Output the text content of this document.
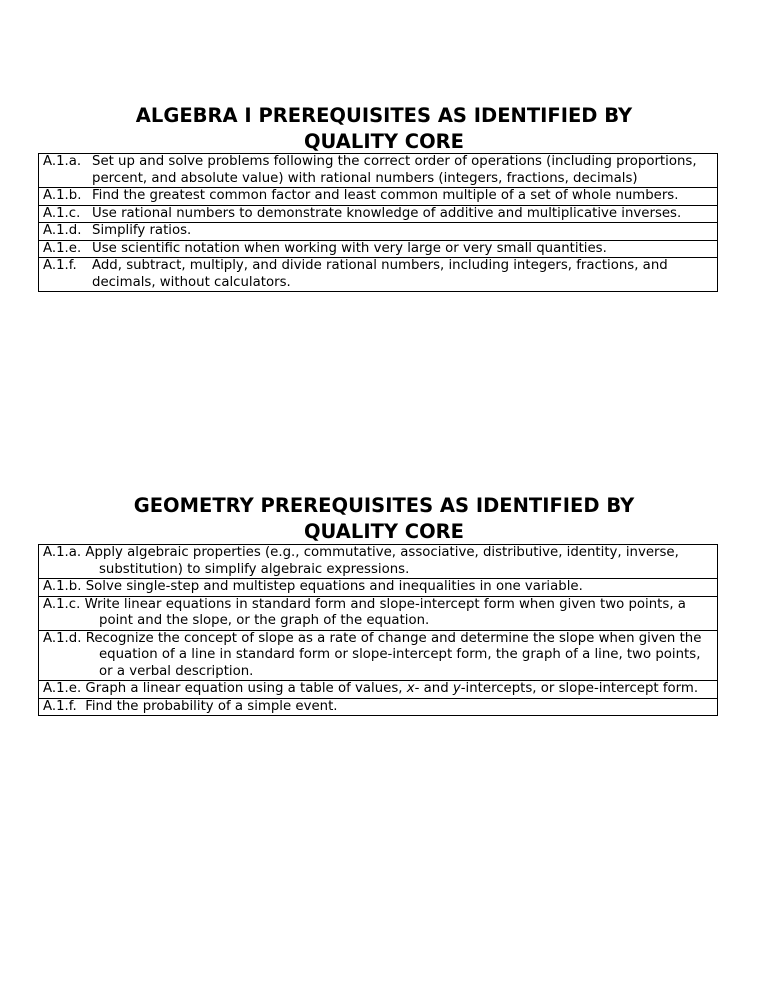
ALGEBRA I PREREQUISITES AS IDENTIFIED BY
QUALITY CORE
A.1.a. Set up and solve problems following the correct order of operations (including proportions, percent, and absolute value) with rational numbers (integers, fractions, decimals)
A.1.b. Find the greatest common factor and least common multiple of a set of whole numbers.
A.1.c. Use rational numbers to demonstrate knowledge of additive and multiplicative inverses.
A.1.d. Simplify ratios.
A.1.e. Use scientific notation when working with very large or very small quantities.
A.1.f.	Add, subtract, multiply, and divide rational numbers, including integers, fractions, and decimals, without calculators.
GEOMETRY PREREQUISITES AS IDENTIFIED BY
QUALITY CORE
A.1.a. Apply algebraic properties (e.g., commutative, associative, distributive, identity, inverse, substitution) to simplify algebraic expressions.
A.1.b. Solve single-step and multistep equations and inequalities in one variable.
A.1.c. Write linear equations in standard form and slope-intercept form when given two points, a point and the slope, or the graph of the equation.
A.1.d. Recognize the concept of slope as a rate of change and determine the slope when given the equation of a line in standard form or slope-intercept form, the graph of a line, two points, or a verbal description.
A.1.e. Graph a linear equation using a table of values, x- and y-intercepts, or slope-intercept form.
A.1.f. Find the probability of a simple event.
